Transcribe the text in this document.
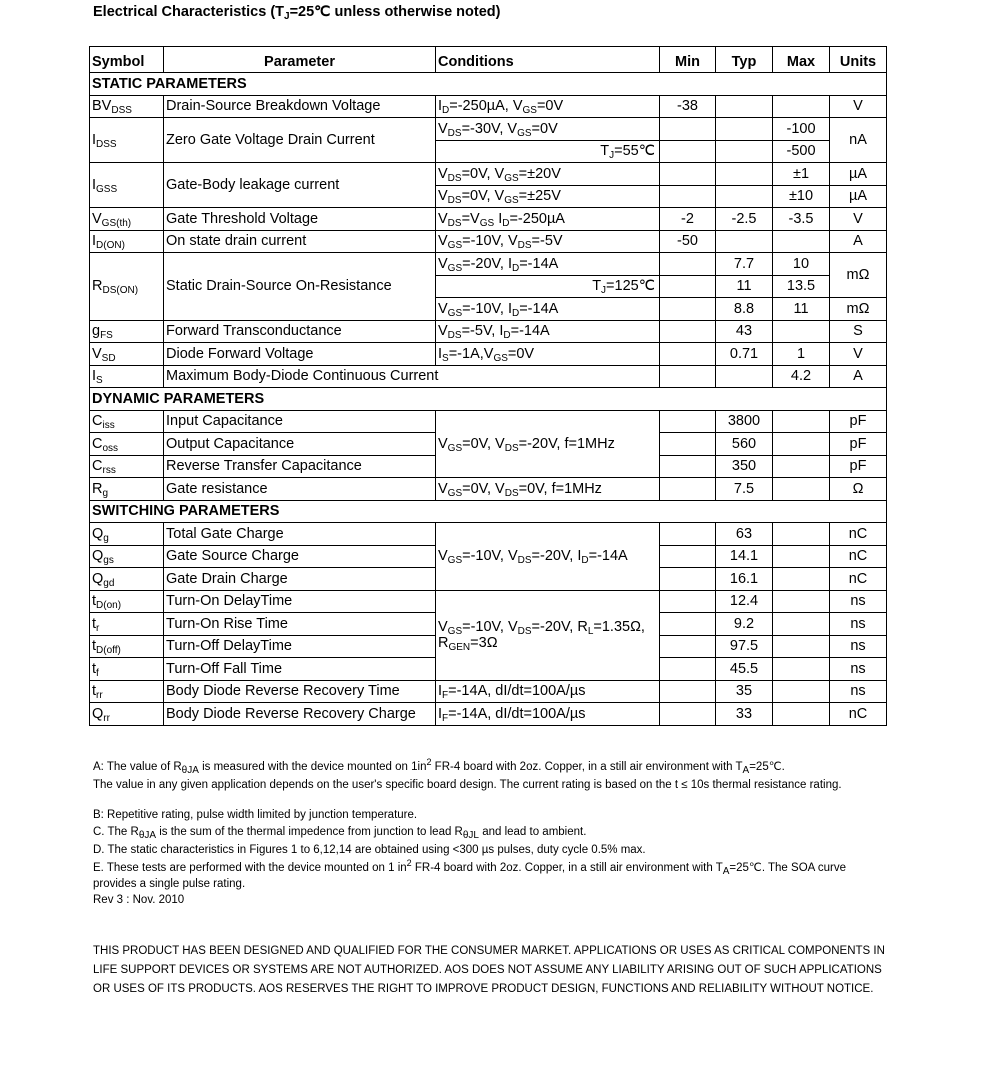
Electrical Characteristics ($T_J=25℃$ unless otherwise noted)
Symbol	Parameter	Conditions	Min	Typ	Max	Units
STATIC PARAMETERS						
$BV_{DSS}$	Drain-Source Breakdown Voltage	$I_D=-250\mu A$, $V_{GS}=0V$	-38			V
$I_{DSS}$	Zero Gate Voltage Drain Current	$V_{DS}=-30V$, $V_{GS}=0V$			-100	nA
		$T_J=55℃$			-500	
$I_{GSS}$	Gate-Body leakage current	$V_{DS}=0V$, $V_{GS}=\pm 20V$			±1	µA
		$V_{DS}=0V$, $V_{GS}=\pm 25V$			±10	µA
$V_{GS(th)}$	Gate Threshold Voltage	$V_{DS}=V_{GS}$ $I_D=-250\mu A$	-2	-2.5	-3.5	V
$I_{D(ON)}$	On state drain current	$V_{GS}=-10V$, $V_{DS}=-5V$	-50			A
$R_{DS(ON)}$	Static Drain-Source On-Resistance	$V_{GS}=-20V$, $I_D=-14A$		7.7	10	mΩ
		$T_J=125℃$		11	13.5	
		$V_{GS}=-10V$, $I_D=-14A$		8.8	11	mΩ
$g_{FS}$	Forward Transconductance	$V_{DS}=-5V$, $I_D=-14A$		43		S
$V_{SD}$	Diode Forward Voltage	$I_S=-1A,V_{GS}=0V$		0.71	1	V
$I_S$	Maximum Body-Diode Continuous Current				4.2	A
DYNAMIC PARAMETERS						
$C_{iss}$	Input Capacitance	$V_{GS}=0V$, $V_{DS}=-20V$, f=1MHz		3800		pF
$C_{oss}$	Output Capacitance			560		pF
$C_{rss}$	Reverse Transfer Capacitance			350		pF
$R_g$	Gate resistance	$V_{GS}=0V$, $V_{DS}=0V$, f=1MHz		7.5		Ω
SWITCHING PARAMETERS						
$Q_g$	Total Gate Charge	$V_{GS}=-10V$, $V_{DS}=-20V$, $I_D=-14A$		63		nC
$Q_{gs}$	Gate Source Charge			14.1		nC
$Q_{gd}$	Gate Drain Charge			16.1		nC
$t_{D(on)}$	Turn-On DelayTime	$V_{GS}=-10V$, $V_{DS}=-20V$, $R_L=1.35\Omega$,
$R_{GEN}=3\Omega$		12.4		ns
$t_r$	Turn-On Rise Time			9.2		ns
$t_{D(off)}$	Turn-Off DelayTime			97.5		ns
$t_f$	Turn-Off Fall Time			45.5		ns
$t_{rr}$	Body Diode Reverse Recovery Time	$I_F=-14A$, dI/dt=100A/µs		35		ns
$Q_{rr}$	Body Diode Reverse Recovery Charge	$I_F=-14A$, dI/dt=100A/µs		33		nC
A: The value of $R_{\theta JA}$ is measured with the device mounted on $1in^2$ FR-4 board with 2oz. Copper, in a still air environment with $T_A=25℃$.
The value in any given application depends on the user's specific board design. The current rating is based on the t ≤ 10s thermal resistance rating.
B: Repetitive rating, pulse width limited by junction temperature.
C. The $R_{\theta JA}$ is the sum of the thermal impedence from junction to lead $R_{\theta JL}$ and lead to ambient.
D. The static characteristics in Figures 1 to 6,12,14 are obtained using <300 µs pulses, duty cycle 0.5% max.
E. These tests are performed with the device mounted on 1 $in^2$ FR-4 board with 2oz. Copper, in a still air environment with $T_A=25℃$. The SOA curve provides a single pulse rating.
Rev 3 : Nov. 2010
THIS PRODUCT HAS BEEN DESIGNED AND QUALIFIED FOR THE CONSUMER MARKET. APPLICATIONS OR USES AS CRITICAL COMPONENTS IN LIFE SUPPORT DEVICES OR SYSTEMS ARE NOT AUTHORIZED. AOS DOES NOT ASSUME ANY LIABILITY ARISING OUT OF SUCH APPLICATIONS OR USES OF ITS PRODUCTS. AOS RESERVES THE RIGHT TO IMPROVE PRODUCT DESIGN, FUNCTIONS AND RELIABILITY WITHOUT NOTICE.
